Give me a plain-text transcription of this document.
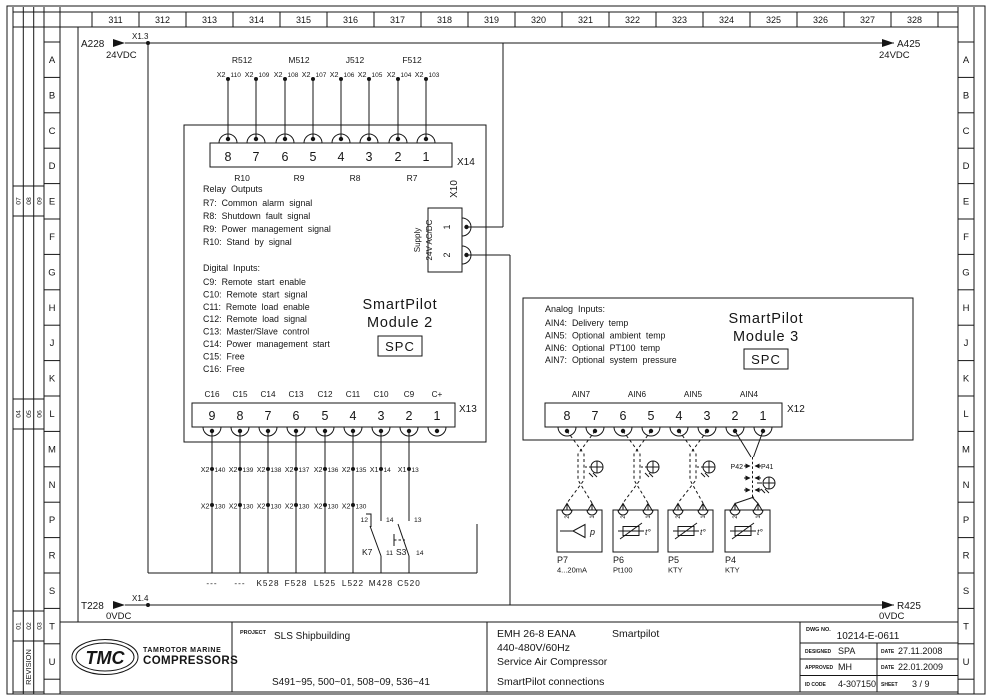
311	312	313	314	315	316	317	318	319	320	321	322	323	324	325	326	327	328
A	A
B	B
C	C
D	D
E	E
F	F
G	G
H	H
J	J
K	K
L	L
M	M
N	N
P	P
R	R
S	S
T	T
U	U
REVISION
07 08 09
04 05 06
01 02 03
A228
24VDC
X1.3
A425
24VDC
T228
X1.4
0VDC
R425
0VDC
X2 110
8
X2 109
7
X2 108
6
X2 107
5
X2 106
4
X2 105
3
X2 104
2
X2 103
1
R512	M512	J512	F512
R10	R9	R8	R7
R7: Common alarm signal
R8: Shutdown fault signal
R9: Power management signal
R10: Stand by signal
C9: Remote start enable
C10: Remote start signal
C11: Remote load enable
C12: Remote load signal
C13: Master/Slave control
C14: Power management start
C15: Free
C16: Free
1
2
C16
9
C15
8
C14
7
C13
6
C12
5
C11
4
C10
3
C9
2
C+
1
X2 140
X2 130
---
X2 139
X2 130
---
X2 138
X2 130
K528
X2 137
X2 130
F528
X2 136
X2 130
L525
X2 135
X2 130
L522
X1 14
M428
X1 13
C520
SmartPilot
Module 2
SPC
X14
X13
Relay Outputs
Digital Inputs:
X10
Supply 24V AC/DC
K7
12	14
11 S3
13
14
AIN4: Delivery temp
AIN5: Optional ambient temp
AIN6: Optional PT100 temp
AIN7: Optional system pressure
8 7 6 5 4 3 2 1
AIN7	AIN6	AIN5	AIN4
2	1
P7
4...20mA
p
2	1
P6
Pt100
t°
2	1
P5
KTY
t°
2	1
P4
KTY
t°
Analog Inputs:
SmartPilot
Module 3
SPC
X12
P42	P41
TMC	TAMROTOR MARINE
COMPRESSORS
PROJECT SLS Shipbuilding
S491~95, 500~01, 508~09, 536~41
EMH 26-8 EANA	Smartpilot
440-480V/60Hz
Service Air Compressor
SmartPilot connections
DWG NO.
10214-E-0611
DESIGNED SPA	DATE 27.11.2008
APPROVED MH	DATE 22.01.2009
ID CODE 4-307150 SHEET 3 / 9
